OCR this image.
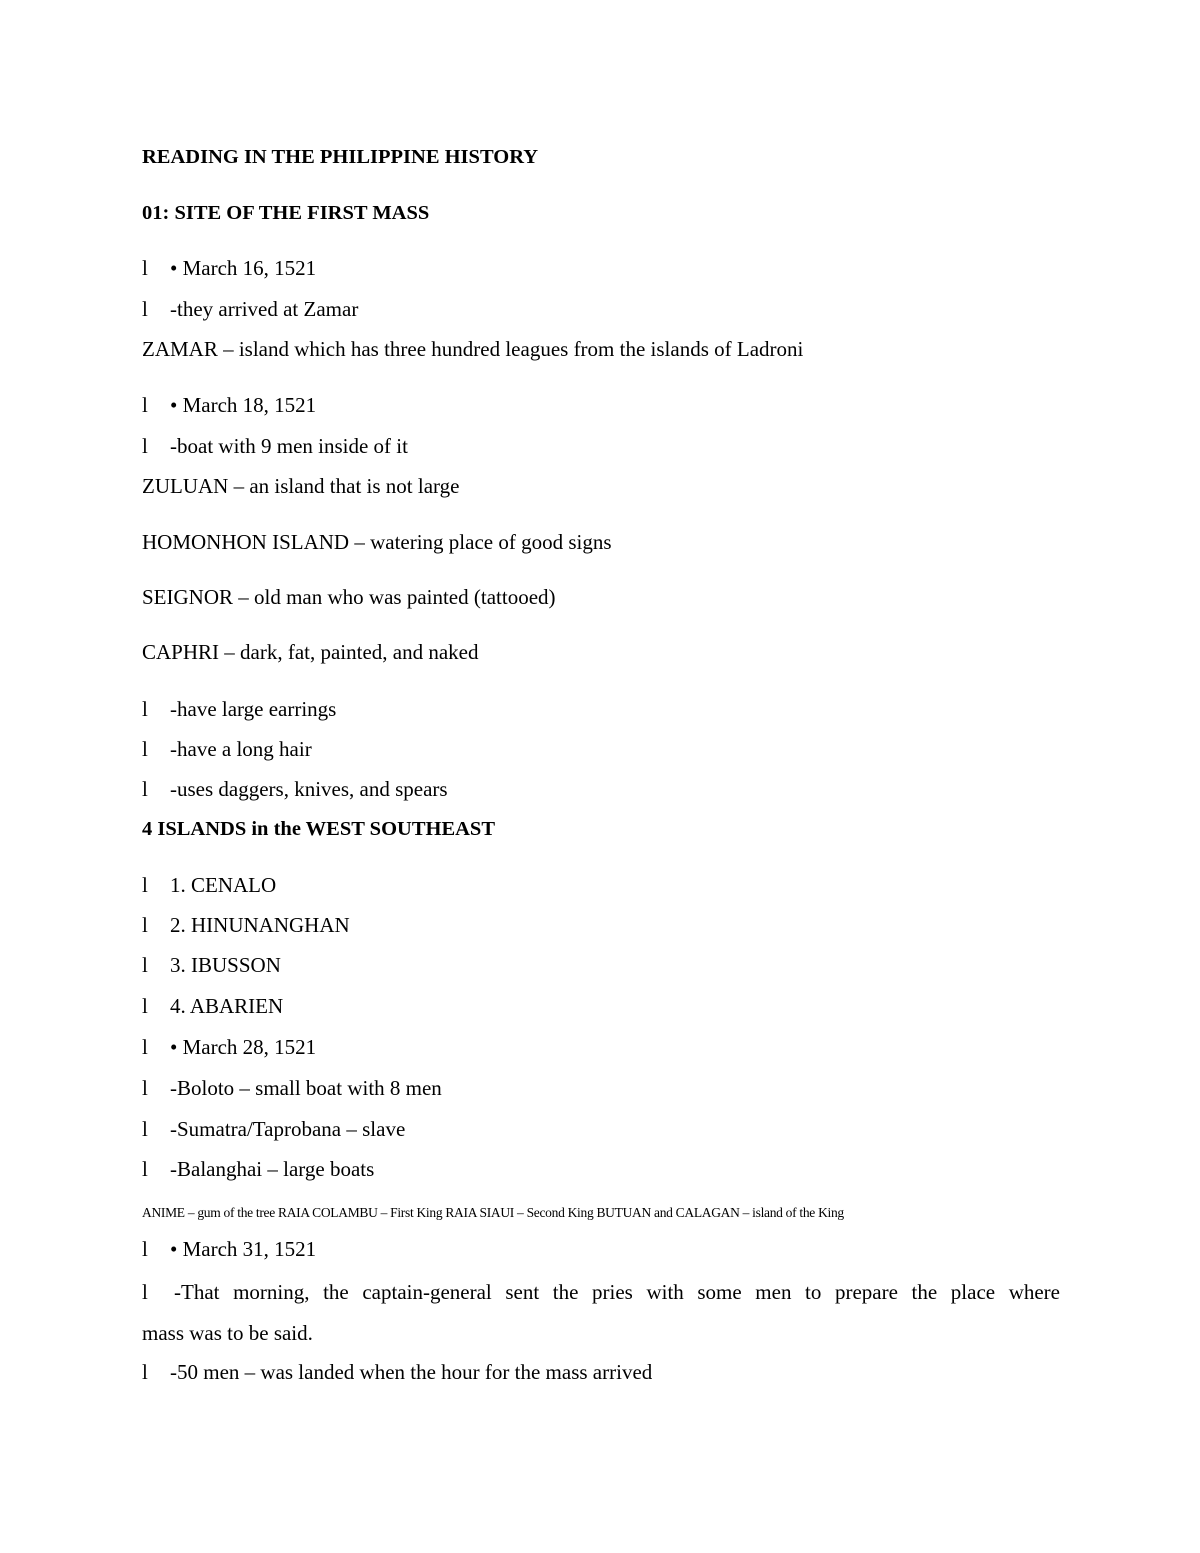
READING IN THE PHILIPPINE HISTORY
01: SITE OF THE FIRST MASS
l • March 16, 1521
l -they arrived at Zamar
ZAMAR – island which has three hundred leagues from the islands of Ladroni
l • March 18, 1521
l -boat with 9 men inside of it
ZULUAN – an island that is not large
HOMONHON ISLAND – watering place of good signs
SEIGNOR – old man who was painted (tattooed)
CAPHRI – dark, fat, painted, and naked
l -have large earrings
l -have a long hair
l -uses daggers, knives, and spears
4 ISLANDS in the WEST SOUTHEAST
l 1. CENALO
l 2. HINUNANGHAN
l 3. IBUSSON
l 4. ABARIEN
l • March 28, 1521
l -Boloto – small boat with 8 men
l -Sumatra/Taprobana – slave
l -Balanghai – large boats
ANIME – gum of the tree RAIA COLAMBU – First King RAIA SIAUI – Second King BUTUAN and CALAGAN – island of the King
l • March 31, 1521
l -That morning, the captain-general sent the pries with some men to prepare the place where
mass was to be said.
l -50 men – was landed when the hour for the mass arrived
